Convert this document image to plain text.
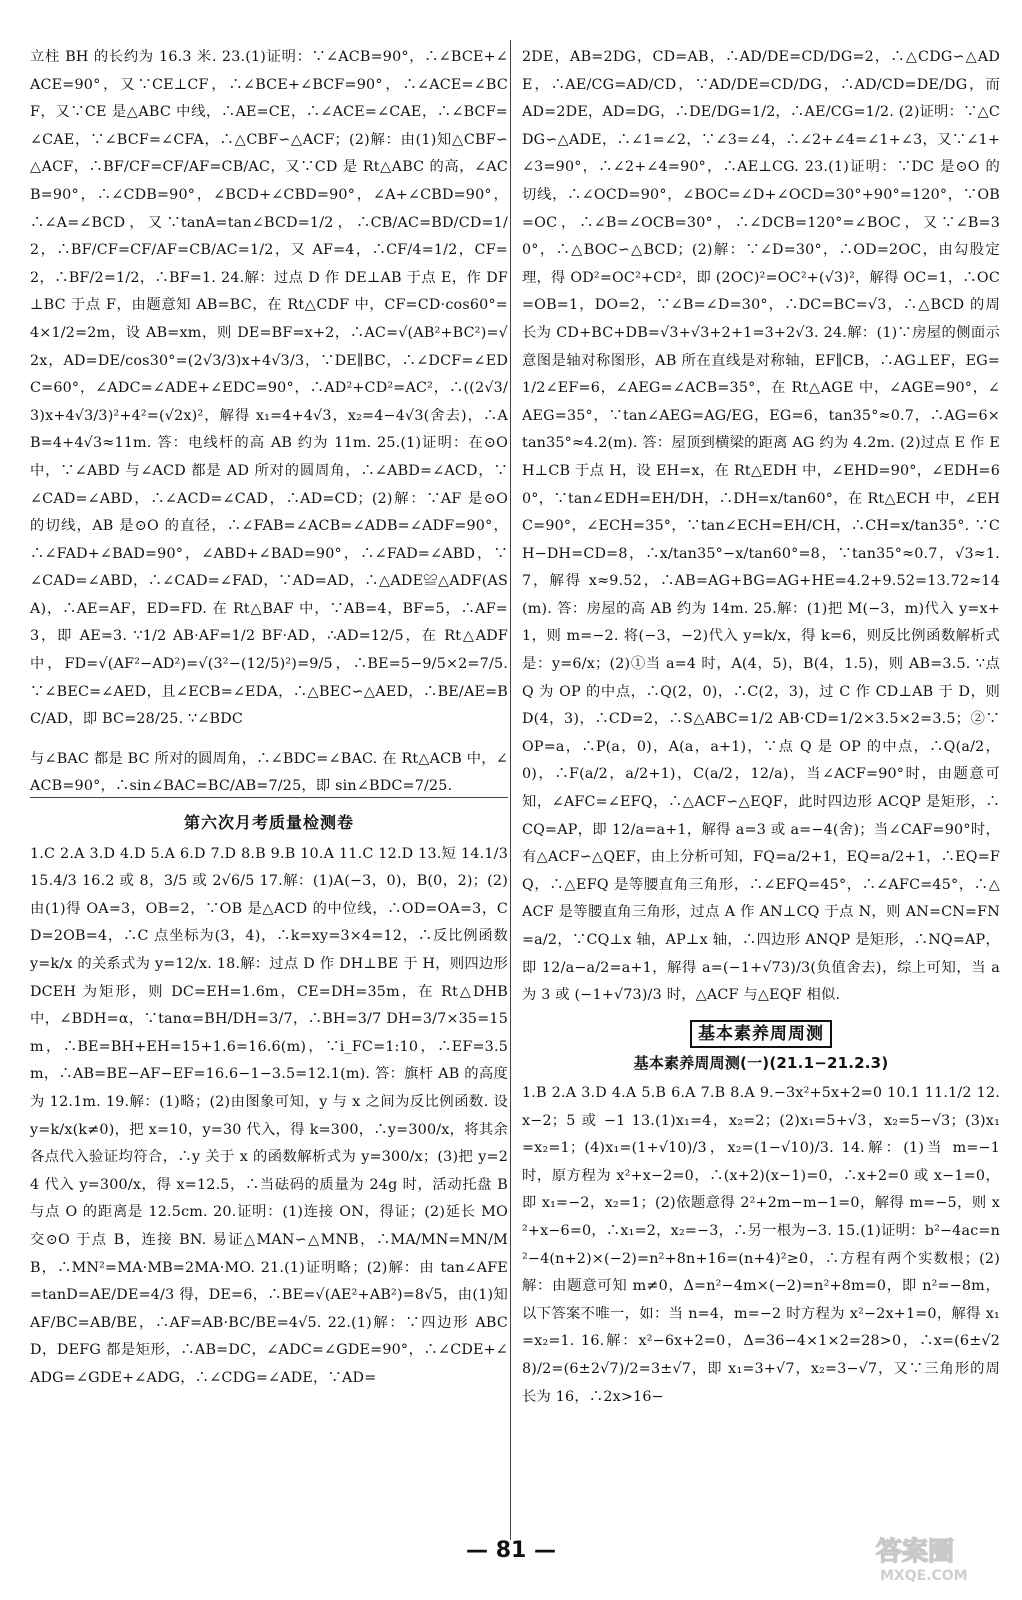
立柱 BH 的长约为 16.3 米. 23.(1)证明：∵∠ACB=90°，∴∠BCE+∠ACE=90°，又∵CE⊥CF，∴∠BCE+∠BCF=90°，∴∠ACE=∠BCF，又∵CE 是△ABC 中线，∴AE=CE，∴∠ACE=∠CAE，∴∠BCF=∠CAE，∵∠BCF=∠CFA，∴△CBF∽△ACF；(2)解：由(1)知△CBF∽△ACF，∴BF/CF=CF/AF=CB/AC，又∵CD 是 Rt△ABC 的高，∠ACB=90°，∴∠CDB=90°，∠BCD+∠CBD=90°，∠A+∠CBD=90°，∴∠A=∠BCD，又∵tanA=tan∠BCD=1/2，∴CB/AC=BD/CD=1/2，∴BF/CF=CF/AF=CB/AC=1/2，又 AF=4，∴CF/4=1/2，CF=2，∴BF/2=1/2，∴BF=1. 24.解：过点 D 作 DE⊥AB 于点 E，作 DF⊥BC 于点 F，由题意知 AB=BC，在 Rt△CDF 中，CF=CD·cos60°=4×1/2=2m，设 AB=xm，则 DE=BF=x+2，∴AC=√(AB²+BC²)=√2x，AD=DE/cos30°=(2√3/3)x+4√3/3，∵DE∥BC，∴∠DCF=∠EDC=60°，∠ADC=∠ADE+∠EDC=90°，∴AD²+CD²=AC²，∴((2√3/3)x+4√3/3)²+4²=(√2x)²，解得 x₁=4+4√3，x₂=4−4√3(舍去)，∴AB=4+4√3≈11m. 答：电线杆的高 AB 约为 11m. 25.(1)证明：在⊙O 中，∵∠ABD 与∠ACD 都是 AD 所对的圆周角，∴∠ABD=∠ACD，∵∠CAD=∠ABD，∴∠ACD=∠CAD，∴AD=CD；(2)解：∵AF 是⊙O 的切线，AB 是⊙O 的直径，∴∠FAB=∠ACB=∠ADB=∠ADF=90°，∴∠FAD+∠BAD=90°，∠ABD+∠BAD=90°，∴∠FAD=∠ABD，∵∠CAD=∠ABD，∴∠CAD=∠FAD，∵AD=AD，∴△ADE≌△ADF(ASA)，∴AE=AF，ED=FD. 在 Rt△BAF 中，∵AB=4，BF=5，∴AF=3，即 AE=3. ∵1/2 AB·AF=1/2 BF·AD，∴AD=12/5，在 Rt△ADF 中，FD=√(AF²−AD²)=√(3²−(12/5)²)=9/5，∴BE=5−9/5×2=7/5. ∵∠BEC=∠AED，且∠ECB=∠EDA，∴△BEC∽△AED，∴BE/AE=BC/AD，即 BC=28/25. ∵∠BDC

与∠BAC 都是 BC 所对的圆周角，∴∠BDC=∠BAC. 在 Rt△ACB 中，∠ACB=90°，∴sin∠BAC=BC/AB=7/25，即 sin∠BDC=7/25.

第六次月考质量检测卷

1.C 2.A 3.D 4.D 5.A 6.D 7.D 8.B 9.B 10.A 11.C 12.D 13.短 14.1/3 15.4/3 16.2 或 8，3/5 或 2√6/5 17.解：(1)A(−3，0)，B(0，2)；(2)由(1)得 OA=3，OB=2，∵OB 是△ACD 的中位线，∴OD=OA=3，CD=2OB=4，∴C 点坐标为(3，4)，∴k=xy=3×4=12，∴反比例函数 y=k/x 的关系式为 y=12/x. 18.解：过点 D 作 DH⊥BE 于 H，则四边形 DCEH 为矩形，则 DC=EH=1.6m，CE=DH=35m，在 Rt△DHB 中，∠BDH=α，∵tanα=BH/DH=3/7，∴BH=3/7 DH=3/7×35=15m，∴BE=BH+EH=15+1.6=16.6(m)，∵i_FC=1:10，∴EF=3.5m，∴AB=BE−AF−EF=16.6−1−3.5=12.1(m). 答：旗杆 AB 的高度为 12.1m. 19.解：(1)略；(2)由图象可知，y 与 x 之间为反比例函数. 设 y=k/x(k≠0)，把 x=10，y=30 代入，得 k=300，∴y=300/x，将其余各点代入验证均符合，∴y 关于 x 的函数解析式为 y=300/x；(3)把 y=24 代入 y=300/x，得 x=12.5，∴当砝码的质量为 24g 时，活动托盘 B 与点 O 的距离是 12.5cm. 20.证明：(1)连接 ON，得证；(2)延长 MO 交⊙O 于点 B，连接 BN. 易证△MAN∽△MNB，∴MA/MN=MN/MB，∴MN²=MA·MB=2MA·MO. 21.(1)证明略；(2)解：由 tan∠AFE=tanD=AE/DE=4/3 得，DE=6，∴BE=√(AE²+AB²)=8√5，由(1)知 AF/BC=AB/BE，∴AF=AB·BC/BE=4√5. 22.(1)解：∵四边形 ABCD，DEFG 都是矩形，∴AB=DC，∠ADC=∠GDE=90°，∴∠CDE+∠ADG=∠GDE+∠ADG，∴∠CDG=∠ADE，∵AD=

2DE，AB=2DG，CD=AB，∴AD/DE=CD/DG=2，∴△CDG∽△ADE，∴AE/CG=AD/CD，∵AD/DE=CD/DG，∴AD/CD=DE/DG，而 AD=2DE，AD=DG，∴DE/DG=1/2，∴AE/CG=1/2. (2)证明：∵△CDG∽△ADE，∴∠1=∠2，∵∠3=∠4，∴∠2+∠4=∠1+∠3，又∵∠1+∠3=90°，∴∠2+∠4=90°，∴AE⊥CG. 23.(1)证明：∵DC 是⊙O 的切线，∴∠OCD=90°，∠BOC=∠D+∠OCD=30°+90°=120°，∵OB=OC，∴∠B=∠OCB=30°，∴∠DCB=120°=∠BOC，又∵∠B=30°，∴△BOC∽△BCD；(2)解：∵∠D=30°，∴OD=2OC，由勾股定理，得 OD²=OC²+CD²，即 (2OC)²=OC²+(√3)²，解得 OC=1，∴OC=OB=1，DO=2，∵∠B=∠D=30°，∴DC=BC=√3，∴△BCD 的周长为 CD+BC+DB=√3+√3+2+1=3+2√3. 24.解：(1)∵房屋的侧面示意图是轴对称图形，AB 所在直线是对称轴，EF∥CB，∴AG⊥EF，EG=1/2∠EF=6，∠AEG=∠ACB=35°，在 Rt△AGE 中，∠AGE=90°，∠AEG=35°，∵tan∠AEG=AG/EG，EG=6，tan35°≈0.7，∴AG=6×tan35°≈4.2(m). 答：屋顶到横梁的距离 AG 约为 4.2m. (2)过点 E 作 EH⊥CB 于点 H，设 EH=x，在 Rt△EDH 中，∠EHD=90°，∠EDH=60°，∵tan∠EDH=EH/DH，∴DH=x/tan60°，在 Rt△ECH 中，∠EHC=90°，∠ECH=35°，∵tan∠ECH=EH/CH，∴CH=x/tan35°. ∵CH−DH=CD=8，∴x/tan35°−x/tan60°=8，∵tan35°≈0.7，√3≈1.7，解得 x≈9.52，∴AB=AG+BG=AG+HE=4.2+9.52=13.72≈14(m). 答：房屋的高 AB 约为 14m. 25.解：(1)把 M(−3，m)代入 y=x+1，则 m=−2. 将(−3，−2)代入 y=k/x，得 k=6，则反比例函数解析式是：y=6/x；(2)①当 a=4 时，A(4，5)，B(4，1.5)，则 AB=3.5. ∵点 Q 为 OP 的中点，∴Q(2，0)，∴C(2，3)，过 C 作 CD⊥AB 于 D，则 D(4，3)，∴CD=2，∴S△ABC=1/2 AB·CD=1/2×3.5×2=3.5；②∵OP=a，∴P(a，0)，A(a，a+1)，∵点 Q 是 OP 的中点，∴Q(a/2，0)，∴F(a/2，a/2+1)，C(a/2，12/a)，当∠ACF=90°时，由题意可知，∠AFC=∠EFQ，∴△ACF∽△EQF，此时四边形 ACQP 是矩形，∴CQ=AP，即 12/a=a+1，解得 a=3 或 a=−4(舍)；当∠CAF=90°时，有△ACF∽△QEF，由上分析可知，FQ=a/2+1，EQ=a/2+1，∴EQ=FQ，∴△EFQ 是等腰直角三角形，∴∠EFQ=45°，∴∠AFC=45°，∴△ACF 是等腰直角三角形，过点 A 作 AN⊥CQ 于点 N，则 AN=CN=FN=a/2，∵CQ⊥x 轴，AP⊥x 轴，∴四边形 ANQP 是矩形，∴NQ=AP，即 12/a−a/2=a+1，解得 a=(−1+√73)/3(负值舍去)，综上可知，当 a 为 3 或 (−1+√73)/3 时，△ACF 与△EQF 相似.

基本素养周周测
基本素养周周测(一)(21.1−21.2.3)

1.B 2.A 3.D 4.A 5.B 6.A 7.B 8.A 9.−3x²+5x+2=0 10.1 11.1/2 12.x−2；5 或 −1 13.(1)x₁=4，x₂=2；(2)x₁=5+√3，x₂=5−√3；(3)x₁=x₂=1；(4)x₁=(1+√10)/3，x₂=(1−√10)/3. 14.解：(1)当 m=−1 时，原方程为 x²+x−2=0，∴(x+2)(x−1)=0，∴x+2=0 或 x−1=0，即 x₁=−2，x₂=1；(2)依题意得 2²+2m−m−1=0，解得 m=−5，则 x²+x−6=0，∴x₁=2，x₂=−3，∴另一根为−3. 15.(1)证明：b²−4ac=n²−4(n+2)×(−2)=n²+8n+16=(n+4)²≥0，∴方程有两个实数根；(2)解：由题意可知 m≠0，Δ=n²−4m×(−2)=n²+8m=0，即 n²=−8m，以下答案不唯一，如：当 n=4，m=−2 时方程为 x²−2x+1=0，解得 x₁=x₂=1. 16.解：x²−6x+2=0，Δ=36−4×1×2=28>0，∴x=(6±√28)/2=(6±2√7)/2=3±√7，即 x₁=3+√7，x₂=3−√7，又∵三角形的周长为 16，∴2x>16−

— 81 —	答案圈
MXQE.COM
